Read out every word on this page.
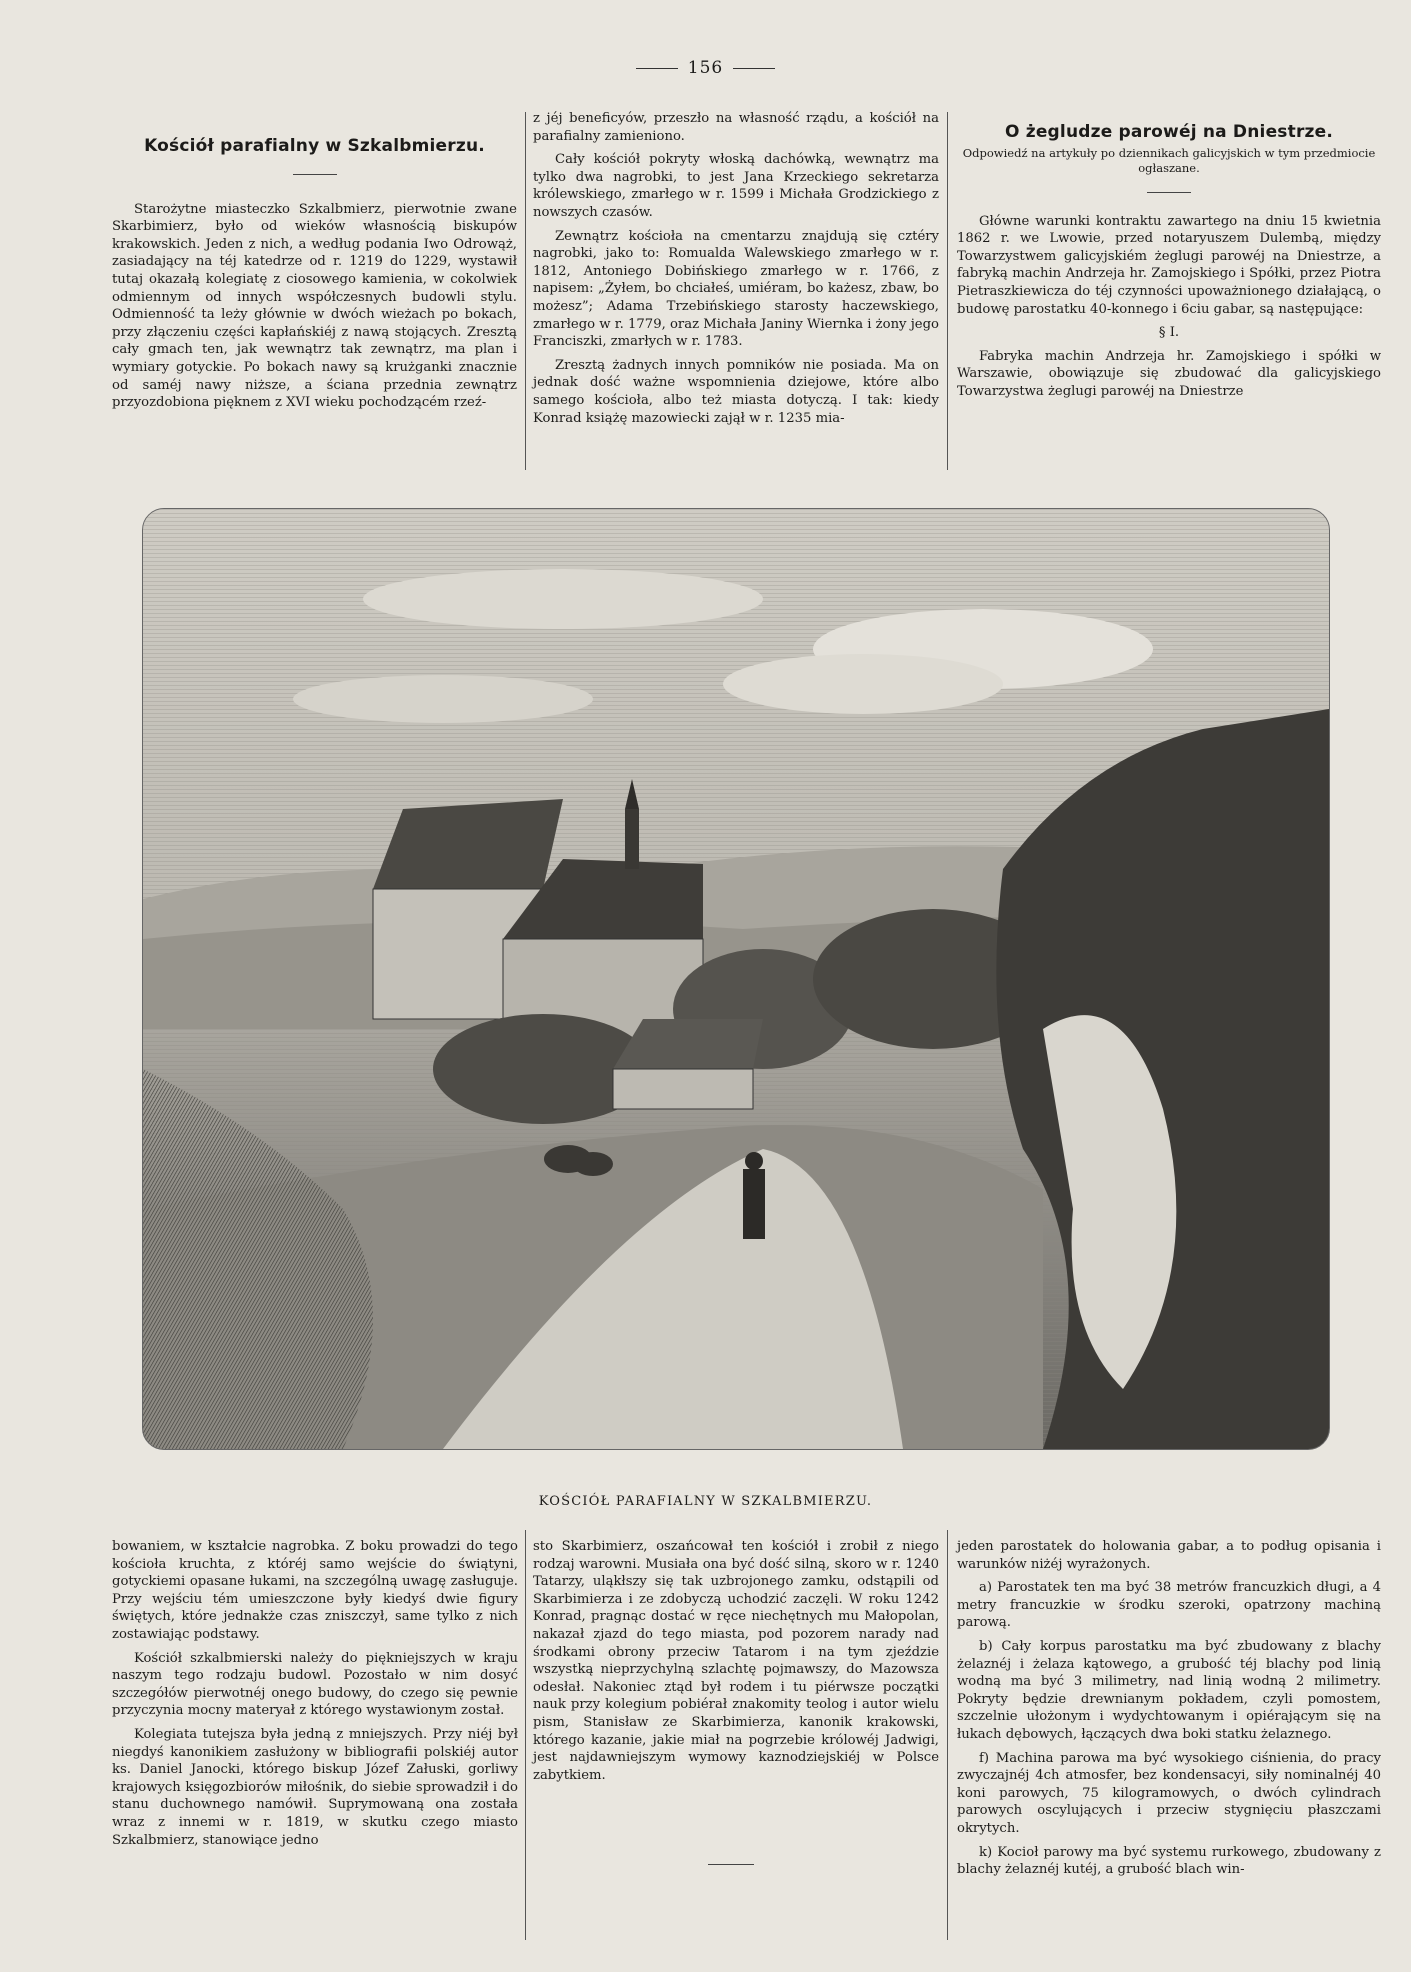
156
Kościół parafialny w Szkalbmierzu.

Starożytne miasteczko Szkalbmierz, pierwotnie zwane Skarbimierz, było od wieków własnością biskupów krakowskich. Jeden z nich, a według podania Iwo Odrowąż, zasiadający na téj katedrze od r. 1219 do 1229, wystawił tutaj okazałą kolegiatę z ciosowego kamienia, w cokolwiek odmiennym od innych współczesnych budowli stylu. Odmienność ta leży głównie w dwóch wieżach po bokach, przy złączeniu części kapłańskiéj z nawą stojących. Zresztą cały gmach ten, jak wewnątrz tak zewnątrz, ma plan i wymiary gotyckie. Po bokach nawy są krużganki znacznie od saméj nawy niższe, a ściana przednia zewnątrz przyozdobiona pięknem z XVI wieku pochodzącém rzeź-

z jéj beneficyów, przeszło na własność rządu, a kościół na parafialny zamieniono.

Cały kościół pokryty włoską dachówką, wewnątrz ma tylko dwa nagrobki, to jest Jana Krzeckiego sekretarza królewskiego, zmarłego w r. 1599 i Michała Grodzickiego z nowszych czasów.

Zewnątrz kościoła na cmentarzu znajdują się cztéry nagrobki, jako to: Romualda Walewskiego zmarłego w r. 1812, Antoniego Dobińskiego zmarłego w r. 1766, z napisem: „Żyłem, bo chciałeś, umiéram, bo każesz, zbaw, bo możesz”; Adama Trzebińskiego starosty haczewskiego, zmarłego w r. 1779, oraz Michała Janiny Wiernka i żony jego Franciszki, zmarłych w r. 1783.

Zresztą żadnych innych pomników nie posiada. Ma on jednak dość ważne wspomnienia dziejowe, które albo samego kościoła, albo też miasta dotyczą. I tak: kiedy Konrad książę mazowiecki zajął w r. 1235 mia-

O żegludze parowéj na Dniestrze.
Odpowiedź na artykuły po dziennikach galicyjskich w tym przedmiocie ogłaszane.

Główne warunki kontraktu zawartego na dniu 15 kwietnia 1862 r. we Lwowie, przed notaryuszem Dulembą, między Towarzystwem galicyjskiém żeglugi parowéj na Dniestrze, a fabryką machin Andrzeja hr. Zamojskiego i Spółki, przez Piotra Pietraszkiewicza do téj czynności upoważnionego działającą, o budowę parostatku 40-konnego i 6ciu gabar, są następujące:

§ I.

Fabryka machin Andrzeja hr. Zamojskiego i spółki w Warszawie, obowiązuje się zbudować dla galicyjskiego Towarzystwa żeglugi parowéj na Dniestrze

KOŚCIÓŁ PARAFIALNY W SZKALBMIERZU.

bowaniem, w kształcie nagrobka. Z boku prowadzi do tego kościoła kruchta, z któréj samo wejście do świątyni, gotyckiemi opasane łukami, na szczególną uwagę zasługuje. Przy wejściu tém umieszczone były kiedyś dwie figury świętych, które jednakże czas zniszczył, same tylko z nich zostawiając podstawy.

Kościół szkalbmierski należy do piękniejszych w kraju naszym tego rodzaju budowl. Pozostało w nim dosyć szczegółów pierwotnéj onego budowy, do czego się pewnie przyczynia mocny materyał z którego wystawionym został.

Kolegiata tutejsza była jedną z mniejszych. Przy niéj był niegdyś kanonikiem zasłużony w bibliografii polskiéj autor ks. Daniel Janocki, którego biskup Józef Załuski, gorliwy krajowych księgozbiorów miłośnik, do siebie sprowadził i do stanu duchownego namówił. Suprymowaną ona została wraz z innemi w r. 1819, w skutku czego miasto Szkalbmierz, stanowiące jedno

sto Skarbimierz, oszańcował ten kościół i zrobił z niego rodzaj warowni. Musiała ona być dość silną, skoro w r. 1240 Tatarzy, uląkłszy się tak uzbrojonego zamku, odstąpili od Skarbimierza i ze zdobyczą uchodzić zaczęli. W roku 1242 Konrad, pragnąc dostać w ręce niechętnych mu Małopolan, nakazał zjazd do tego miasta, pod pozorem narady nad środkami obrony przeciw Tatarom i na tym zjeździe wszystką nieprzychylną szlachtę pojmawszy, do Mazowsza odesłał. Nakoniec ztąd był rodem i tu piérwsze początki nauk przy kolegium pobiérał znakomity teolog i autor wielu pism, Stanisław ze Skarbimierza, kanonik krakowski, którego kazanie, jakie miał na pogrzebie królowéj Jadwigi, jest najdawniejszym wymowy kaznodziejskiéj w Polsce zabytkiem.

jeden parostatek do holowania gabar, a to podług opisania i warunków niżéj wyrażonych.

a) Parostatek ten ma być 38 metrów francuzkich długi, a 4 metry francuzkie w środku szeroki, opatrzony machiną parową.

b) Cały korpus parostatku ma być zbudowany z blachy żelaznéj i żelaza kątowego, a grubość téj blachy pod linią wodną ma być 3 milimetry, nad linią wodną 2 milimetry. Pokryty będzie drewnianym pokładem, czyli pomostem, szczelnie ułożonym i wydychtowanym i opiérającym się na łukach dębowych, łączących dwa boki statku żelaznego.

f) Machina parowa ma być wysokiego ciśnienia, do pracy zwyczajnéj 4ch atmosfer, bez kondensacyi, siły nominalnéj 40 koni parowych, 75 kilogramowych, o dwóch cylindrach parowych oscylujących i przeciw stygnięciu płaszczami okrytych.

k) Kocioł parowy ma być systemu rurkowego, zbudowany z blachy żelaznéj kutéj, a grubość blach win-
